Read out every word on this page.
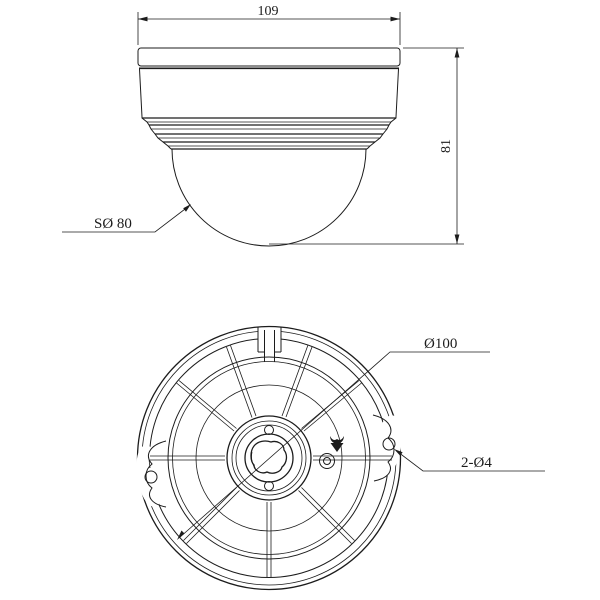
109
81
SØ 80
Ø100
2-Ø4
